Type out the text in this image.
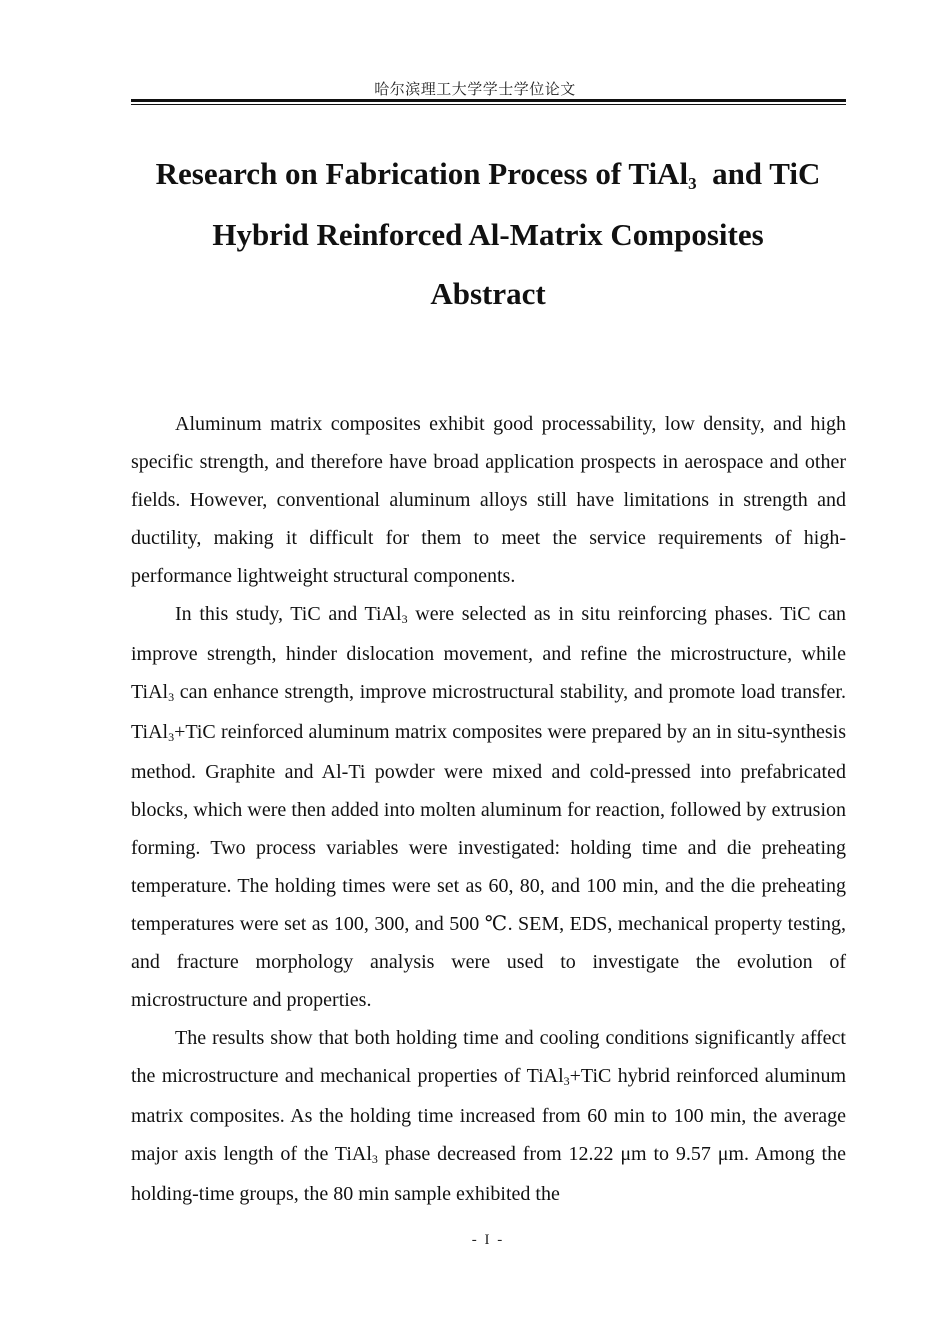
哈尔滨理工大学学士学位论文
Research on Fabrication Process of TiAl$_3$  and TiC
Hybrid Reinforced Al-Matrix Composites
Abstract

Aluminum matrix composites exhibit good processability, low density, and high specific strength, and therefore have broad application prospects in aerospace and other fields. However, conventional aluminum alloys still have limitations in strength and ductility, making it difficult for them to meet the service requirements of high-performance lightweight structural components.

In this study, TiC and TiAl$_3$ were selected as in situ reinforcing phases. TiC can improve strength, hinder dislocation movement, and refine the microstructure, while TiAl$_3$ can enhance strength, improve microstructural stability, and promote load transfer. TiAl$_3$+TiC reinforced aluminum matrix composites were prepared by an in situ-synthesis method. Graphite and Al-Ti powder were mixed and cold-pressed into prefabricated blocks, which were then added into molten aluminum for reaction, followed by extrusion forming. Two process variables were investigated: holding time and die preheating temperature. The holding times were set as 60, 80, and 100 min, and the die preheating temperatures were set as 100, 300, and 500 ℃. SEM, EDS, mechanical property testing, and fracture morphology analysis were used to investigate the evolution of microstructure and properties.

The results show that both holding time and cooling conditions significantly affect the microstructure and mechanical properties of TiAl$_3$+TiC hybrid reinforced aluminum matrix composites. As the holding time increased from 60 min to 100 min, the average major axis length of the TiAl$_3$ phase decreased from 12.22 μm to 9.57 μm. Among the holding-time groups, the 80 min sample exhibited the

- I -
